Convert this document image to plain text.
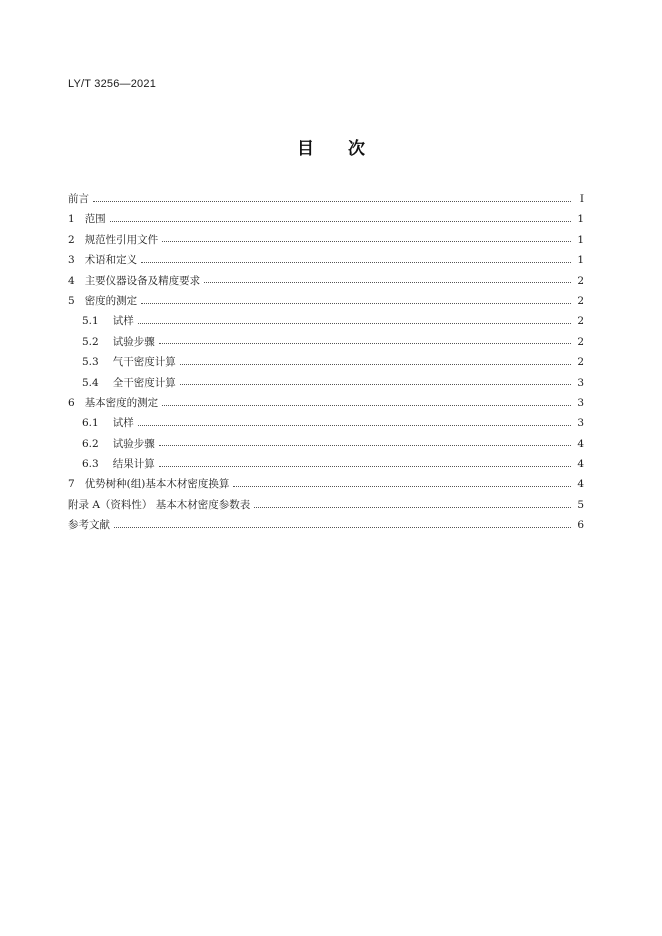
LY/T 3256—2021
目次
前言	Ⅰ
1 范围	1
2 规范性引用文件	1
3 术语和定义	1
4 主要仪器设备及精度要求	2
5 密度的测定	2
5.1 试样	2
5.2 试验步骤	2
5.3 气干密度计算	2
5.4 全干密度计算	3
6 基本密度的测定	3
6.1 试样	3
6.2 试验步骤	4
6.3 结果计算	4
7 优势树种(组)基本木材密度换算	4
附录 A（资料性） 基本木材密度参数表	5
参考文献	6
